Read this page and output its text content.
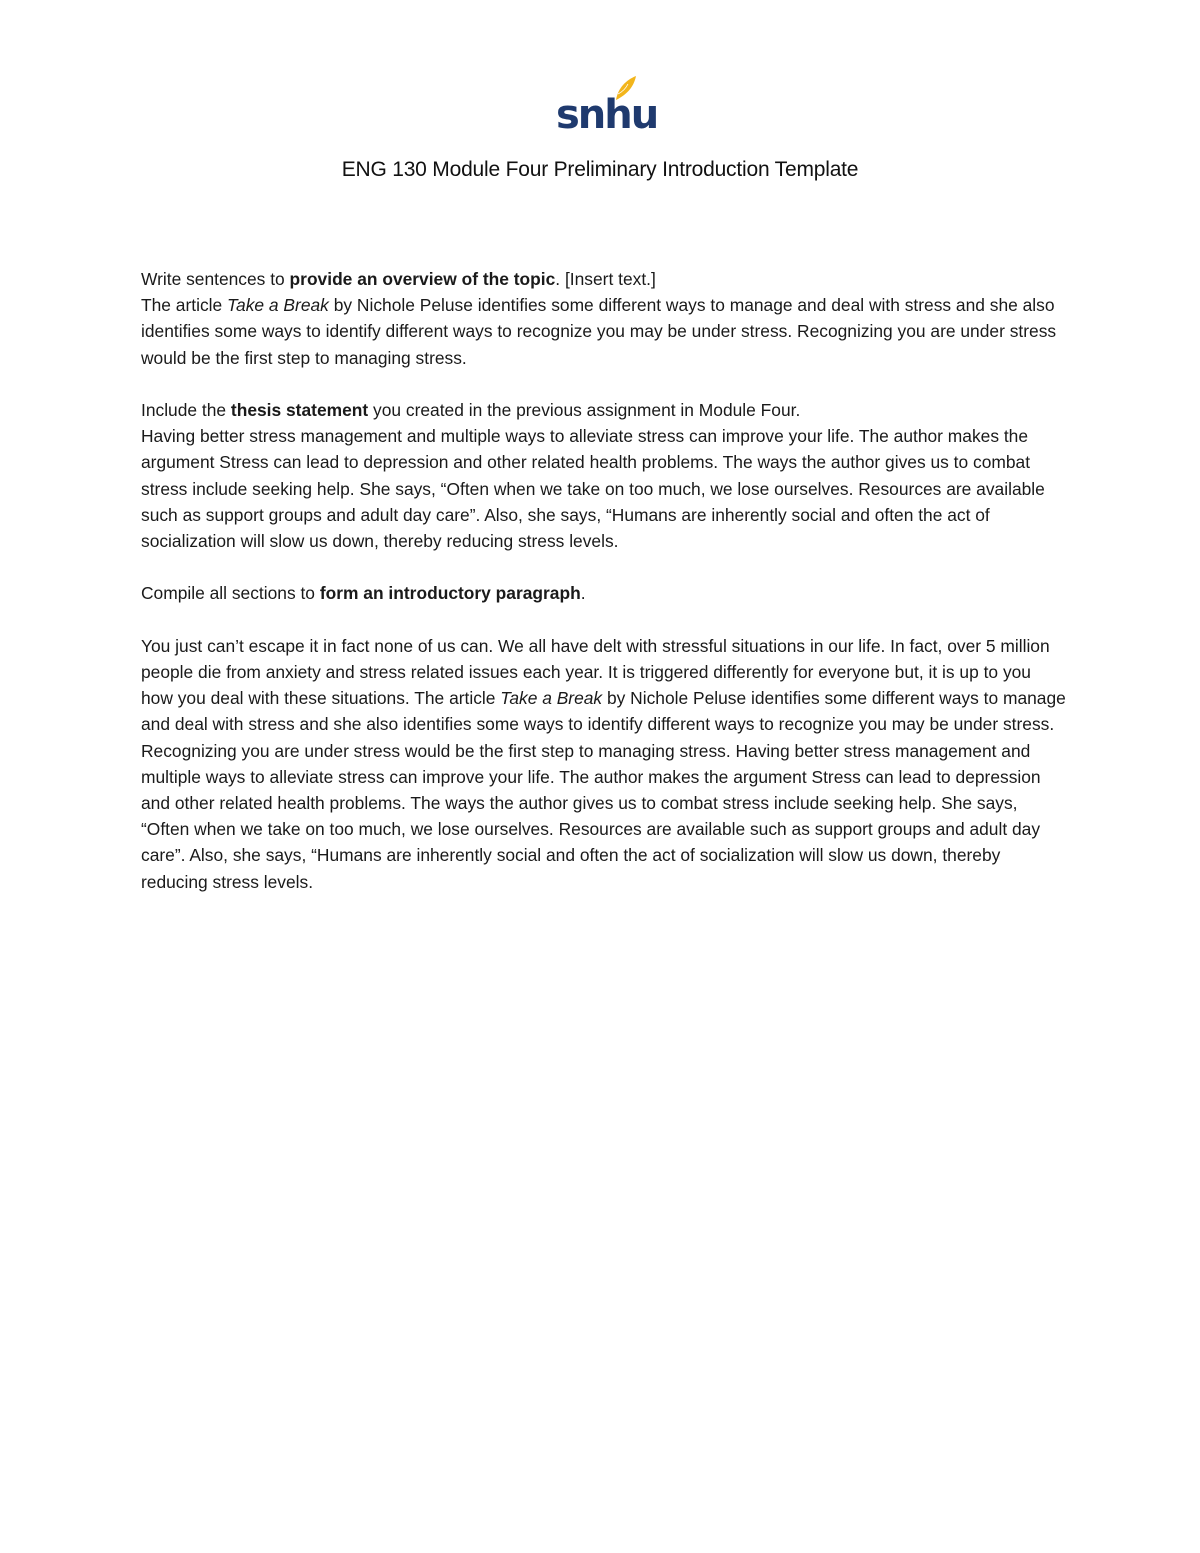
snhu
ENG 130 Module Four Preliminary Introduction Template

Write sentences to provide an overview of the topic. [Insert text.]

The article Take a Break by Nichole Peluse identifies some different ways to manage and deal with stress and she also identifies some ways to identify different ways to recognize you may be under stress. Recognizing you are under stress would be the first step to managing stress.

Include the thesis statement you created in the previous assignment in Module Four.

Having better stress management and multiple ways to alleviate stress can improve your life. The author makes the argument Stress can lead to depression and other related health problems. The ways the author gives us to combat stress include seeking help. She says, “Often when we take on too much, we lose ourselves. Resources are available such as support groups and adult day care”. Also, she says, “Humans are inherently social and often the act of socialization will slow us down, thereby reducing stress levels.

Compile all sections to form an introductory paragraph.

You just can’t escape it in fact none of us can. We all have delt with stressful situations in our life. In fact, over 5 million people die from anxiety and stress related issues each year. It is triggered differently for everyone but, it is up to you how you deal with these situations. The article Take a Break by Nichole Peluse identifies some different ways to manage and deal with stress and she also identifies some ways to identify different ways to recognize you may be under stress. Recognizing you are under stress would be the first step to managing stress. Having better stress management and multiple ways to alleviate stress can improve your life. The author makes the argument Stress can lead to depression and other related health problems. The ways the author gives us to combat stress include seeking help. She says, “Often when we take on too much, we lose ourselves. Resources are available such as support groups and adult day care”. Also, she says, “Humans are inherently social and often the act of socialization will slow us down, thereby reducing stress levels.
